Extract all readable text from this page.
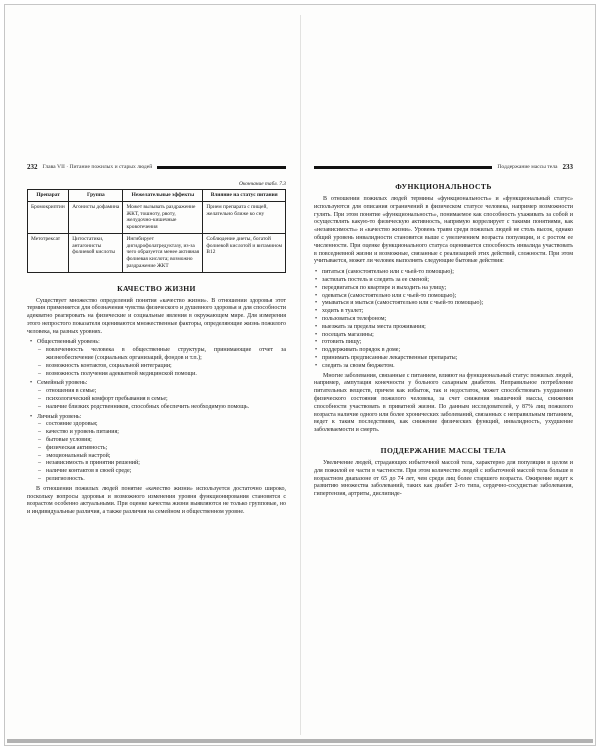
232 Глава VII · Питание пожилых и старых людей
Окончание табл. 7.3
Препарат	Группа	Нежелательные эффекты	Влияние на статус питания
Бромокриптин	Агонисты дофамина	Может вызывать раздражение ЖКТ, тошноту, рвоту, желудочно-кишечные кровотечения	Прием препарата с пищей, желательно ближе ко сну
Метотрексат	Цитостатики, антагонисты фолиевой кислоты	Ингибирует дигидрофолатредуктазу, из-за чего образуется менее активная фолиевая кислота; возможно раздражение ЖКТ	Соблюдение диеты, богатой фолиевой кислотой и витамином B12
КАЧЕСТВО ЖИЗНИ

Существует множество определений понятия «качество жизни». В отношении здоровья этот термин применяется для обозначения чувства физического и душевного здоровья и для способности адекватно реагировать на физические и социальные явления в окружающем мире. Для измерения этого непростого показателя оцениваются множественные факторы, определяющие жизнь пожилого человека, на разных уровнях.

• Общественный уровень:
– вовлеченность человека в общественные структуры, принимающие отчет за жизнеобеспечение (социальных организаций, фондов и т.п.);
– возможность контактов, социальной интеграции;
– возможность получения адекватной медицинской помощи.
• Семейный уровень:
– отношения в семье;
– психологический комфорт пребывания в семье;
– наличие близких родственников, способных обеспечить необходимую помощь.
• Личный уровень:
– состояние здоровья;
– качество и уровень питания;
– бытовые условия;
– физическая активность;
– эмоциональный настрой;
– независимость в принятии решений;
– наличие контактов в своей среде;
– религиозность.

В отношении пожилых людей понятие «качество жизни» используется достаточно широко, поскольку вопросы здоровья и возможного изменения уровня функционирования становятся с возрастом особенно актуальными. При оценке качества жизни выявляются не только групповые, но и индивидуальные различия, а также различия на семейном и общественном уровне.

Поддержание массы тела 233
ФУНКЦИОНАЛЬНОСТЬ

В отношении пожилых людей термины «функциональность» и «функциональный статус» используются для описания ограничений в физическом статусе человека, например возможности гулять. При этом понятие «функциональность», понимаемое как способность ухаживать за собой и осуществлять какую-то физическую активность, напрямую коррелирует с такими понятиями, как «независимость» и «качество жизни». Уровень травм среди пожилых людей не столь высок, однако общий уровень инвалидности становится выше с увеличением возраста популяции, и с ростом ее численности. При оценке функционального статуса оценивается способность инвалида участвовать в повседневной жизни и возможные, связанные с реализацией этих действий, сложности. При этом учитывается, может ли человек выполнять следующие бытовые действия:

• питаться (самостоятельно или с чьей-то помощью);
• застилать постель и следить за ее сменой;
• передвигаться по квартире и выходить на улицу;
• одеваться (самостоятельно или с чьей-то помощью);
• умываться и мыться (самостоятельно или с чьей-то помощью);
• ходить в туалет;
• пользоваться телефоном;
• выезжать за пределы места проживания;
• посещать магазины;
• готовить пищу;
• поддерживать порядок в доме;
• принимать предписанные лекарственные препараты;
• следить за своим бюджетом.

Многие заболевания, связанные с питанием, влияют на функциональный статус пожилых людей, например, ампутация конечности у больного сахарным диабетом. Неправильное потребление питательных веществ, причем как избыток, так и недостаток, может способствовать ухудшению физического состояния пожилого человека, за счет снижения мышечной массы, снижения способности участвовать в приватной жизни. По данным исследователей, у 87% лиц пожилого возраста наличие одного или более хронических заболеваний, связанных с неправильным питанием, ведет к таким последствиям, как снижение физических функций, инвалидность, ухудшение заболеваемости и смерть.

ПОДДЕРЖАНИЕ МАССЫ ТЕЛА

Увеличение людей, страдающих избыточной массой тела, характерно для популяции в целом и для пожилой ее части в частности. При этом количество людей с избыточной массой тела больше в возрастном диапазоне от 65 до 74 лет, чем среди лиц более старшего возраста. Ожирение ведет к развитию множества заболеваний, таких как диабет 2-го типа, сердечно-сосудистые заболевания, гипертензия, артриты, дислипиде-
